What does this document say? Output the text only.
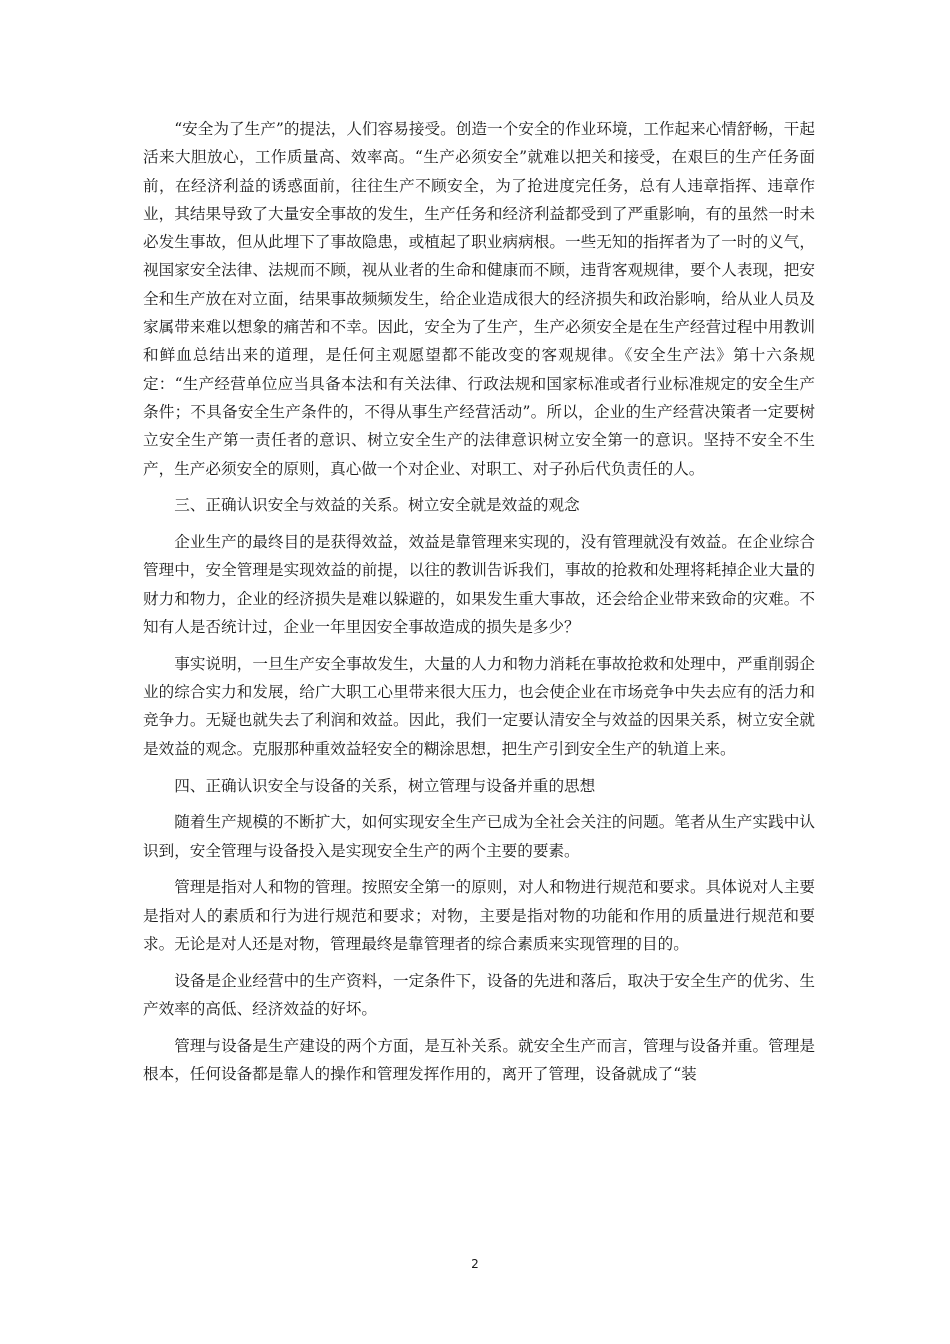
“安全为了生产”的提法，人们容易接受。创造一个安全的作业环境，工作起来心情舒畅，干起活来大胆放心，工作质量高、效率高。“生产必须安全”就难以把关和接受，在艰巨的生产任务面前，在经济利益的诱惑面前，往往生产不顾安全，为了抢进度完任务，总有人违章指挥、违章作业，其结果导致了大量安全事故的发生，生产任务和经济利益都受到了严重影响，有的虽然一时未必发生事故，但从此埋下了事故隐患，或植起了职业病病根。一些无知的指挥者为了一时的义气，视国家安全法律、法规而不顾，视从业者的生命和健康而不顾，违背客观规律，要个人表现，把安全和生产放在对立面，结果事故频频发生，给企业造成很大的经济损失和政治影响，给从业人员及家属带来难以想象的痛苦和不幸。因此，安全为了生产，生产必须安全是在生产经营过程中用教训和鲜血总结出来的道理，是任何主观愿望都不能改变的客观规律。《安全生产法》第十六条规定：“生产经营单位应当具备本法和有关法律、行政法规和国家标准或者行业标准规定的安全生产条件；不具备安全生产条件的，不得从事生产经营活动”。所以，企业的生产经营决策者一定要树立安全生产第一责任者的意识、树立安全生产的法律意识树立安全第一的意识。坚持不安全不生产，生产必须安全的原则，真心做一个对企业、对职工、对子孙后代负责任的人。

三、正确认识安全与效益的关系。树立安全就是效益的观念

企业生产的最终目的是获得效益，效益是靠管理来实现的，没有管理就没有效益。在企业综合管理中，安全管理是实现效益的前提，以往的教训告诉我们，事故的抢救和处理将耗掉企业大量的财力和物力，企业的经济损失是难以躲避的，如果发生重大事故，还会给企业带来致命的灾难。不知有人是否统计过，企业一年里因安全事故造成的损失是多少？

事实说明，一旦生产安全事故发生，大量的人力和物力消耗在事故抢救和处理中，严重削弱企业的综合实力和发展，给广大职工心里带来很大压力，也会使企业在市场竞争中失去应有的活力和竞争力。无疑也就失去了利润和效益。因此，我们一定要认清安全与效益的因果关系，树立安全就是效益的观念。克服那种重效益轻安全的糊涂思想，把生产引到安全生产的轨道上来。

四、正确认识安全与设备的关系，树立管理与设备并重的思想

随着生产规模的不断扩大，如何实现安全生产已成为全社会关注的问题。笔者从生产实践中认识到，安全管理与设备投入是实现安全生产的两个主要的要素。

管理是指对人和物的管理。按照安全第一的原则，对人和物进行规范和要求。具体说对人主要是指对人的素质和行为进行规范和要求；对物，主要是指对物的功能和作用的质量进行规范和要求。无论是对人还是对物，管理最终是靠管理者的综合素质来实现管理的目的。

设备是企业经营中的生产资料，一定条件下，设备的先进和落后，取决于安全生产的优劣、生产效率的高低、经济效益的好坏。

管理与设备是生产建设的两个方面，是互补关系。就安全生产而言，管理与设备并重。管理是根本，任何设备都是靠人的操作和管理发挥作用的，离开了管理，设备就成了“装

2
